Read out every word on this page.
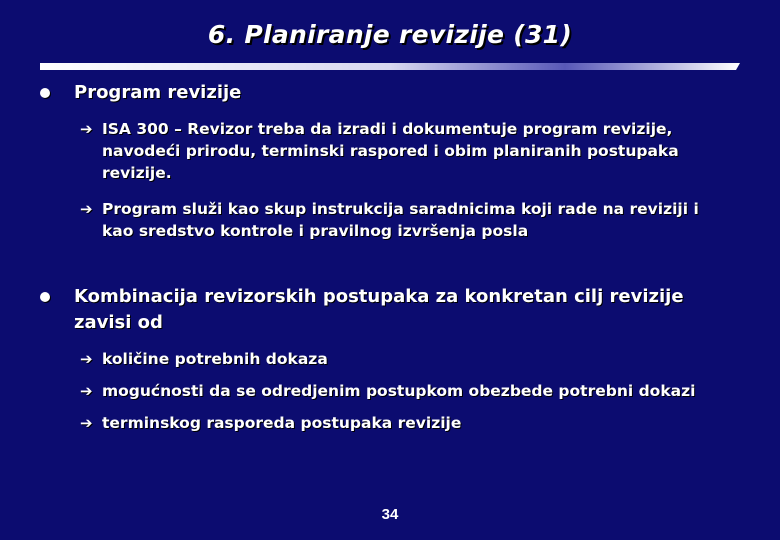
6. Planiranje revizije (31)
Program revizije
➔ ISA 300 – Revizor treba da izradi i dokumentuje program revizije, navodeći prirodu, terminski raspored i obim planiranih postupaka revizije.
➔ Program služi kao skup instrukcija saradnicima koji rade na reviziji i kao sredstvo kontrole i pravilnog izvršenja posla
Kombinacija revizorskih postupaka za konkretan cilj revizije zavisi od
➔ količine potrebnih dokaza
➔ mogućnosti da se odredjenim postupkom obezbede potrebni dokazi
➔ terminskog rasporeda postupaka revizije
34
